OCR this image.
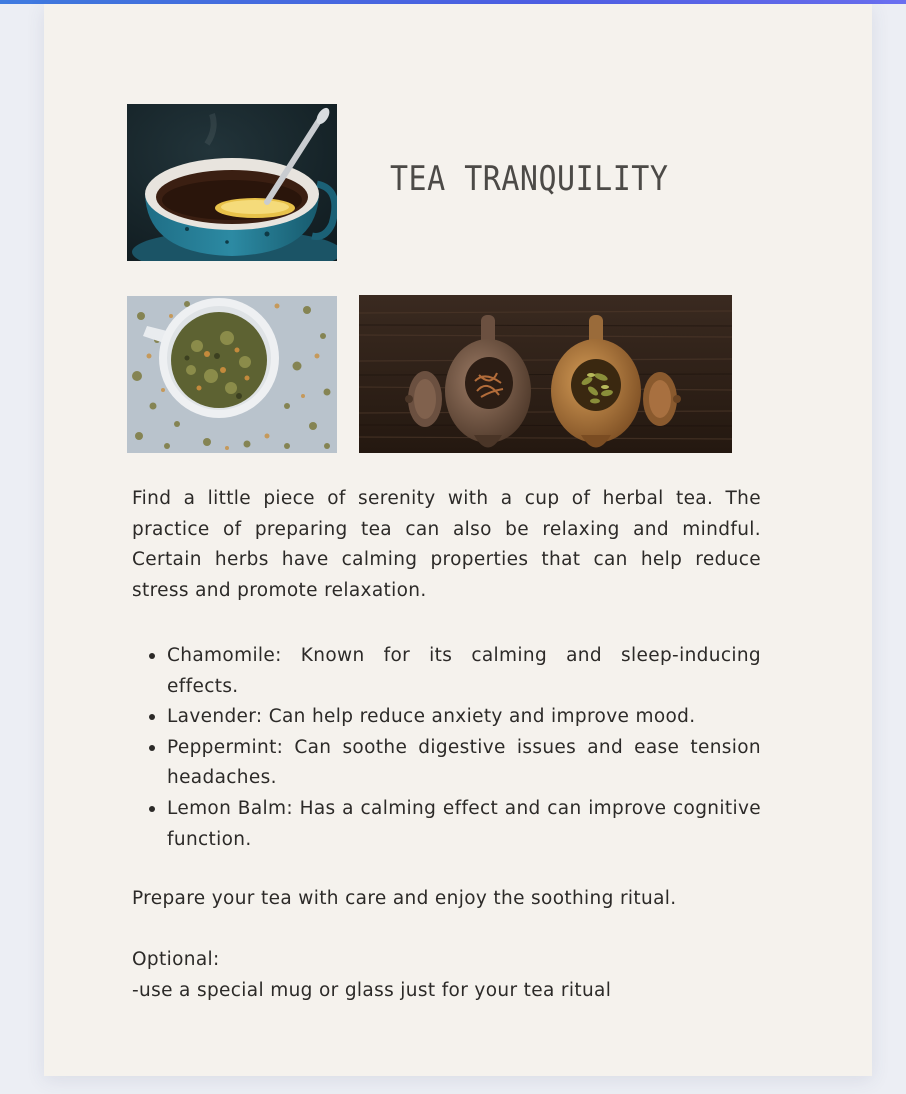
TEA TRANQUILITY

Find a little piece of serenity with a cup of herbal tea. The practice of preparing tea can also be relaxing and mindful. Certain herbs have calming properties that can help reduce stress and promote relaxation.

Chamomile: Known for its calming and sleep-inducing effects.
Lavender: Can help reduce anxiety and improve mood.
Peppermint: Can soothe digestive issues and ease tension headaches.
Lemon Balm: Has a calming effect and can improve cognitive function.

Prepare your tea with care and enjoy the soothing ritual.

Optional:

-use a special mug or glass just for your tea ritual
